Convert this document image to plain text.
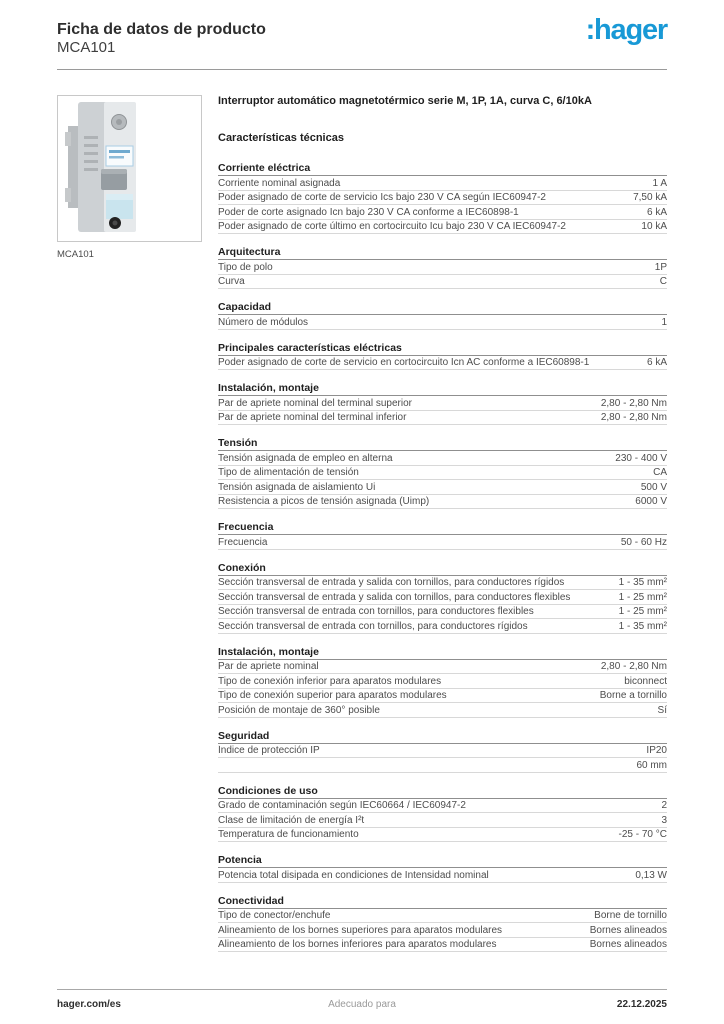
Ficha de datos de producto
MCA101
:hager
MCA101
Interruptor automático magnetotérmico serie M, 1P, 1A, curva C, 6/10kA
Características técnicas
Corriente eléctrica
Corriente nominal asignada	1 A
Poder asignado de corte de servicio Ics bajo 230 V CA según IEC60947-2	7,50 kA
Poder de corte asignado Icn bajo 230 V CA conforme a IEC60898-1	6 kA
Poder asignado de corte último en cortocircuito Icu bajo 230 V CA IEC60947-2	10 kA
Arquitectura
Tipo de polo	1P
Curva	C
Capacidad
Número de módulos	1
Principales características eléctricas
Poder asignado de corte de servicio en cortocircuito Icn AC conforme a IEC60898-1	6 kA
Instalación, montaje
Par de apriete nominal del terminal superior	2,80 - 2,80 Nm
Par de apriete nominal del terminal inferior	2,80 - 2,80 Nm
Tensión
Tensión asignada de empleo en alterna	230 - 400 V
Tipo de alimentación de tensión	CA
Tensión asignada de aislamiento Ui	500 V
Resistencia a picos de tensión asignada (Uimp)	6000 V
Frecuencia
Frecuencia	50 - 60 Hz
Conexión
Sección transversal de entrada y salida con tornillos, para conductores rígidos	1 - 35 mm²
Sección transversal de entrada y salida con tornillos, para conductores flexibles	1 - 25 mm²
Sección transversal de entrada con tornillos, para conductores flexibles	1 - 25 mm²
Sección transversal de entrada con tornillos, para conductores rígidos	1 - 35 mm²
Instalación, montaje
Par de apriete nominal	2,80 - 2,80 Nm
Tipo de conexión inferior para aparatos modulares	biconnect
Tipo de conexión superior para aparatos modulares	Borne a tornillo
Posición de montaje de 360° posible	Sí
Seguridad
Índice de protección IP	IP20
60 mm
Condiciones de uso
Grado de contaminación según IEC60664 / IEC60947-2	2
Clase de limitación de energía I²t	3
Temperatura de funcionamiento	-25 - 70 °C
Potencia
Potencia total disipada en condiciones de Intensidad nominal	0,13 W
Conectividad
Tipo de conector/enchufe	Borne de tornillo
Alineamiento de los bornes superiores para aparatos modulares	Bornes alineados
Alineamiento de los bornes inferiores para aparatos modulares	Bornes alineados
hager.com/es	Adecuado para	22.12.2025
